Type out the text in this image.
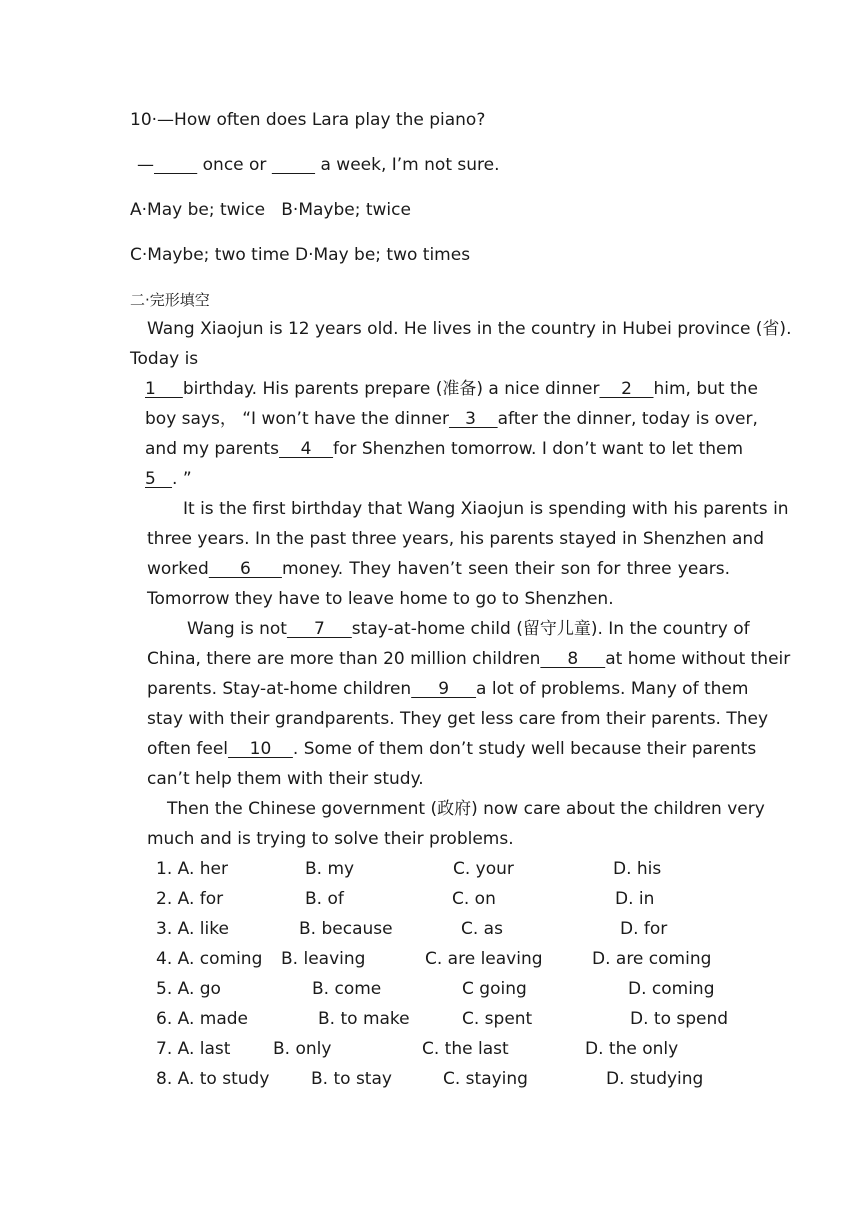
10·—How often does Lara play the piano?
—	once or	a week, I’m not sure.
A·May be; twice   B·Maybe; twice
C·Maybe; two time D·May be; two times
二·完形填空
Wang Xiaojun is 12 years old. He lives in the country in Hubei province (省).
Today is
1     birthday. His parents prepare (准备) a nice dinner    2    him, but the
boy says， “I won’t have the dinner   3    after the dinner, today is over,
and my parents    4    for Shenzhen tomorrow. I don’t want to let them
5   . ”
It is the first birthday that Wang Xiaojun is spending with his parents in
three years. In the past three years, his parents stayed in Shenzhen and
worked     6     money. They haven’t seen their son for three years.
Tomorrow they have to leave home to go to Shenzhen.
Wang is not     7     stay-at-home child (留守儿童). In the country of
China, there are more than 20 million children     8     at home without their
parents. Stay-at-home children     9     a lot of problems. Many of them
stay with their grandparents. They get less care from their parents. They
often feel    10    . Some of them don’t study well because their parents
can’t help them with their study.
Then the Chinese government (政府) now care about the children very
much and is trying to solve their problems.
1. A. her	B. my	C. your	D. his
2. A. for	B. of	C. on	D. in
3. A. like	B. because	C. as	D. for
4. A. coming B. leaving	C. are leaving	D. are coming
5. A. go	B. come	C going	D. coming
6. A. made	B. to make	C. spent	D. to spend
7. A. last	B. only	C. the last	D. the only
8. A. to study B. to stay	C. staying	D. studying
